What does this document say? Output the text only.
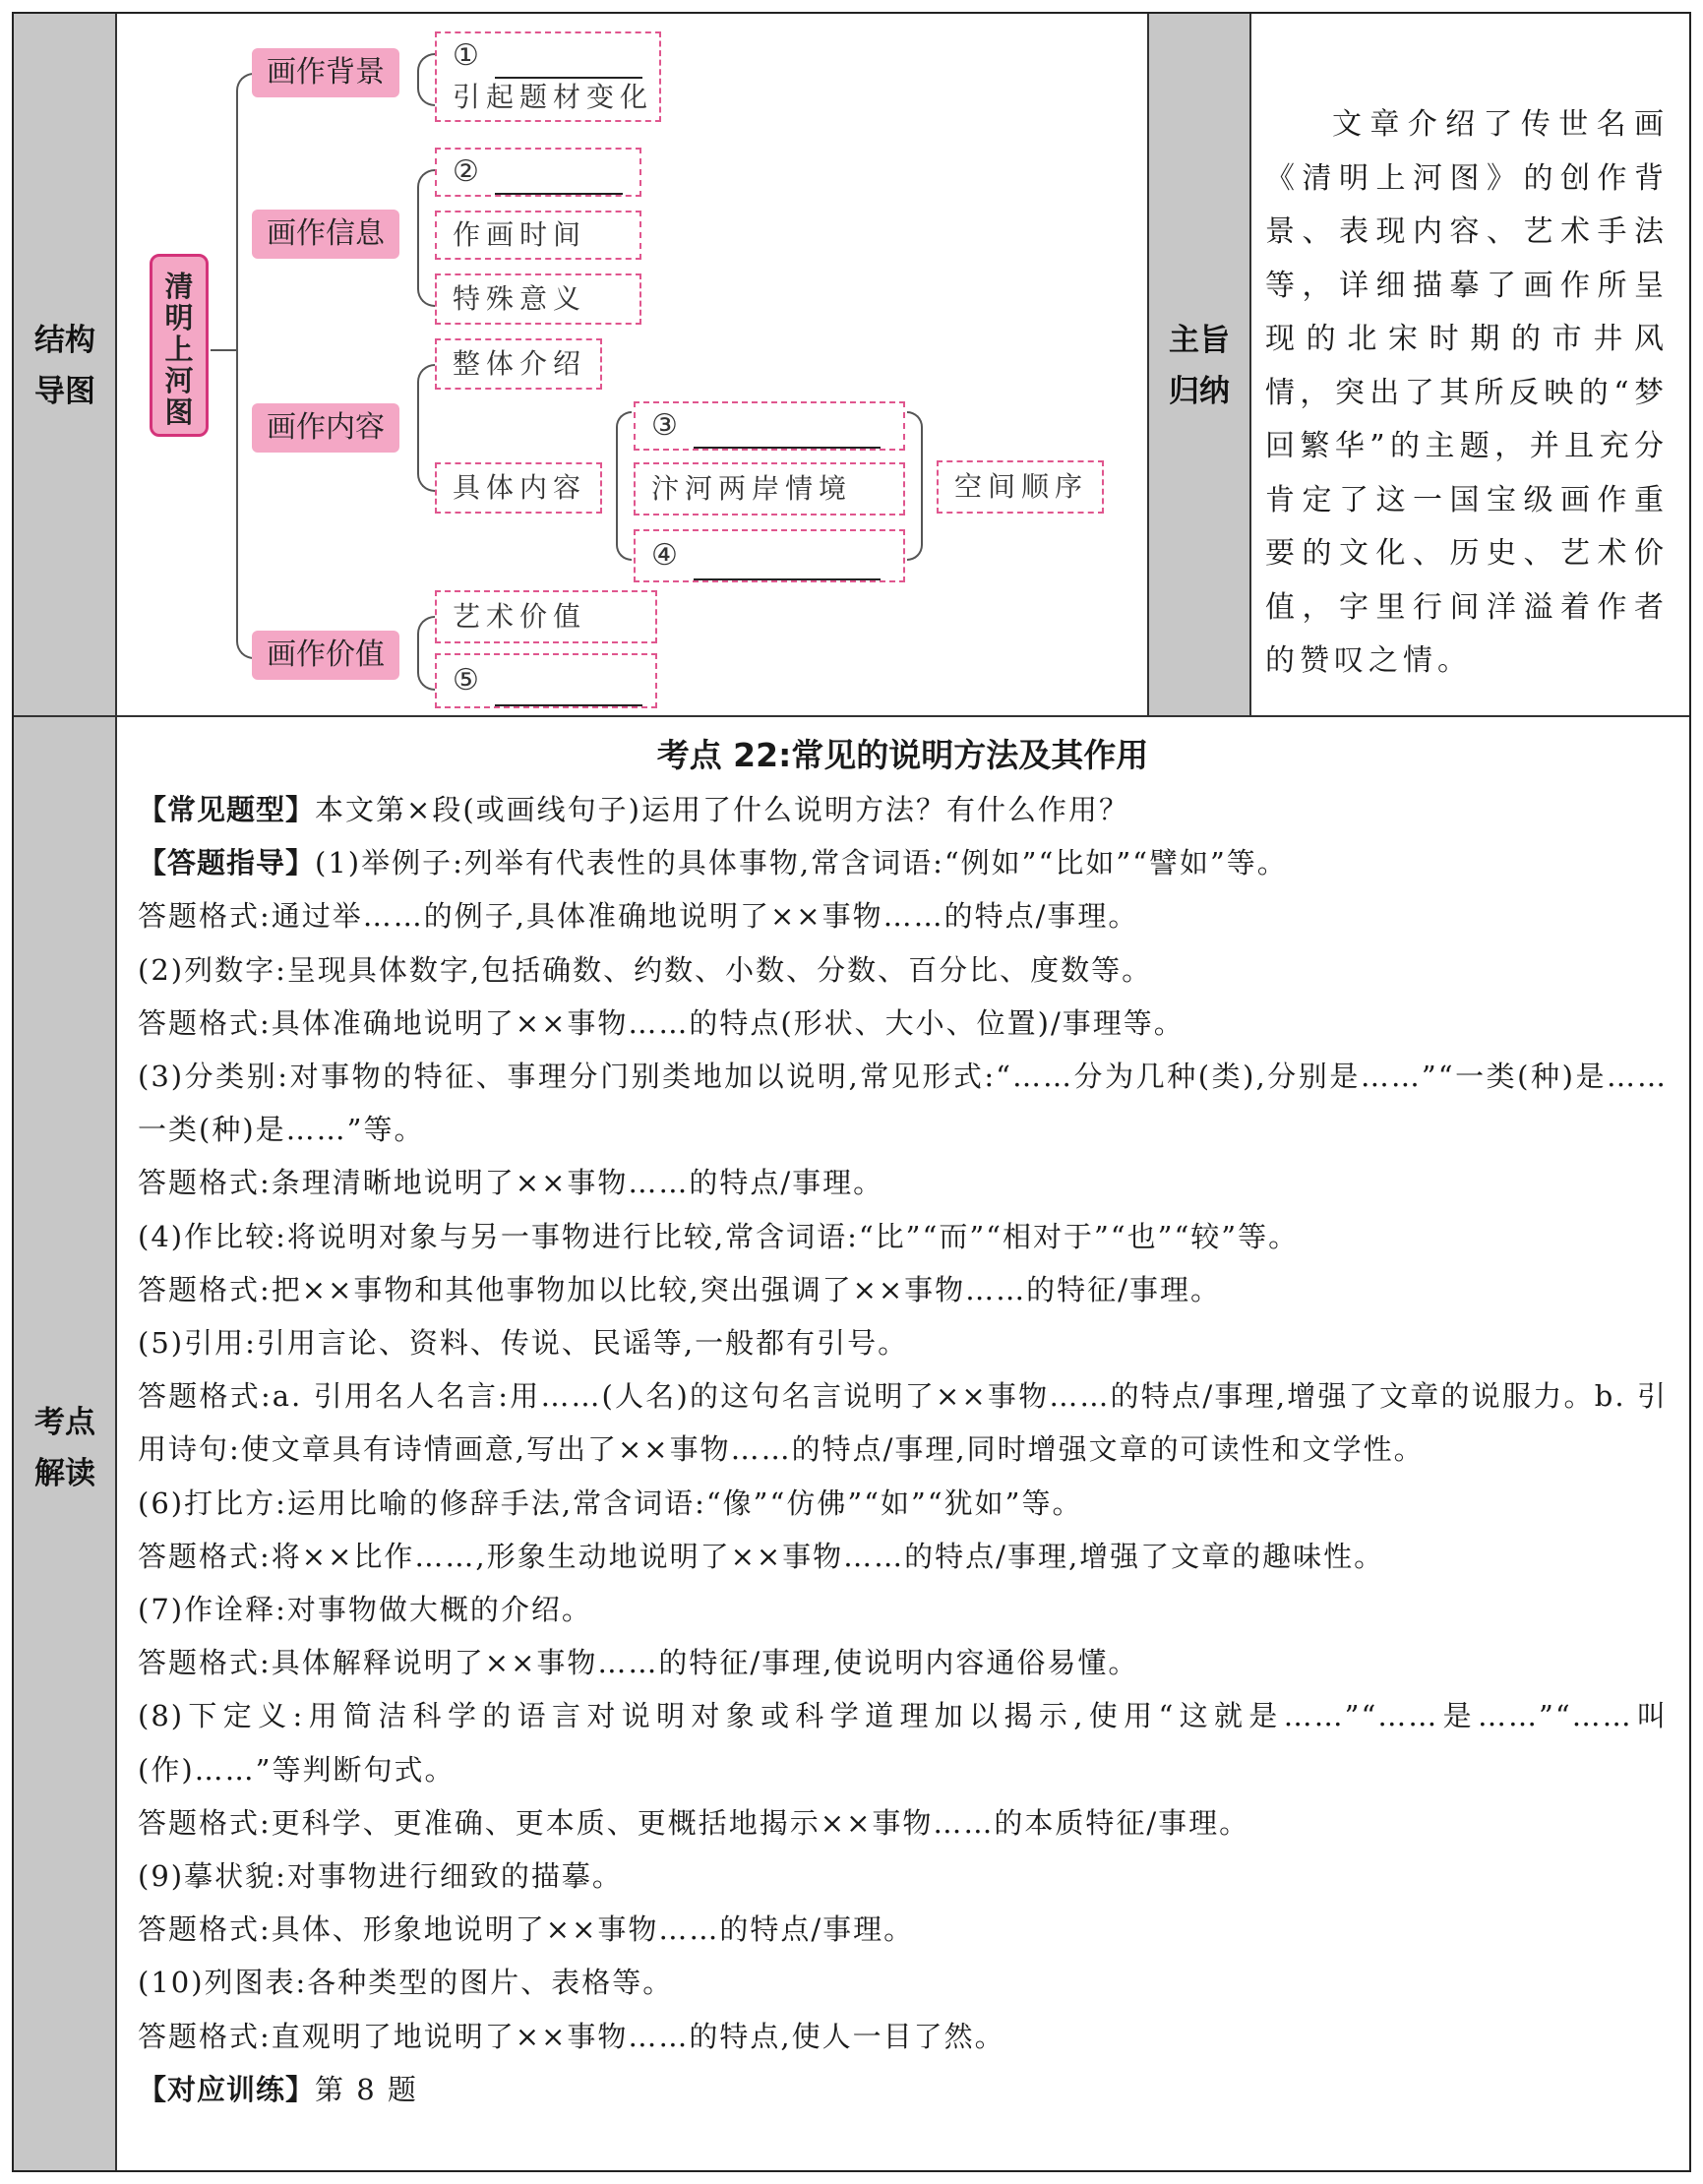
结构
导图
主旨
归纳
考点
解读
清明上河图
画作背景
画作信息
画作内容
画作价值
①
引起题材变化
②
作画时间
特殊意义
整体介绍
具体内容
③
汴河两岸情境
④
空间顺序
艺术价值
⑤
文章介绍了传世名画《清明上河图》的创作背景、表现内容、艺术手法等，详细描摹了画作所呈现的北宋时期的市井风情，突出了其所反映的“梦回繁华”的主题，并且充分肯定了这一国宝级画作重要的文化、历史、艺术价值，字里行间洋溢着作者的赞叹之情。
考点 22:常见的说明方法及其作用

【常见题型】本文第×段(或画线句子)运用了什么说明方法？有什么作用？

【答题指导】(1)举例子:列举有代表性的具体事物,常含词语:“例如”“比如”“譬如”等。

答题格式:通过举……的例子,具体准确地说明了××事物……的特点/事理。

(2)列数字:呈现具体数字,包括确数、约数、小数、分数、百分比、度数等。

答题格式:具体准确地说明了××事物……的特点(形状、大小、位置)/事理等。

(3)分类别:对事物的特征、事理分门别类地加以说明,常见形式:“……分为几种(类),分别是……”“一类(种)是……一类(种)是……”等。

答题格式:条理清晰地说明了××事物……的特点/事理。

(4)作比较:将说明对象与另一事物进行比较,常含词语:“比”“而”“相对于”“也”“较”等。

答题格式:把××事物和其他事物加以比较,突出强调了××事物……的特征/事理。

(5)引用:引用言论、资料、传说、民谣等,一般都有引号。

答题格式:a. 引用名人名言:用……(人名)的这句名言说明了××事物……的特点/事理,增强了文章的说服力。b. 引用诗句:使文章具有诗情画意,写出了××事物……的特点/事理,同时增强文章的可读性和文学性。

(6)打比方:运用比喻的修辞手法,常含词语:“像”“仿佛”“如”“犹如”等。

答题格式:将××比作……,形象生动地说明了××事物……的特点/事理,增强了文章的趣味性。

(7)作诠释:对事物做大概的介绍。

答题格式:具体解释说明了××事物……的特征/事理,使说明内容通俗易懂。

(8)下定义:用简洁科学的语言对说明对象或科学道理加以揭示,使用“这就是……”“……是……”“……叫(作)……”等判断句式。

答题格式:更科学、更准确、更本质、更概括地揭示××事物……的本质特征/事理。

(9)摹状貌:对事物进行细致的描摹。

答题格式:具体、形象地说明了××事物……的特点/事理。

(10)列图表:各种类型的图片、表格等。

答题格式:直观明了地说明了××事物……的特点,使人一目了然。

【对应训练】第 8 题
